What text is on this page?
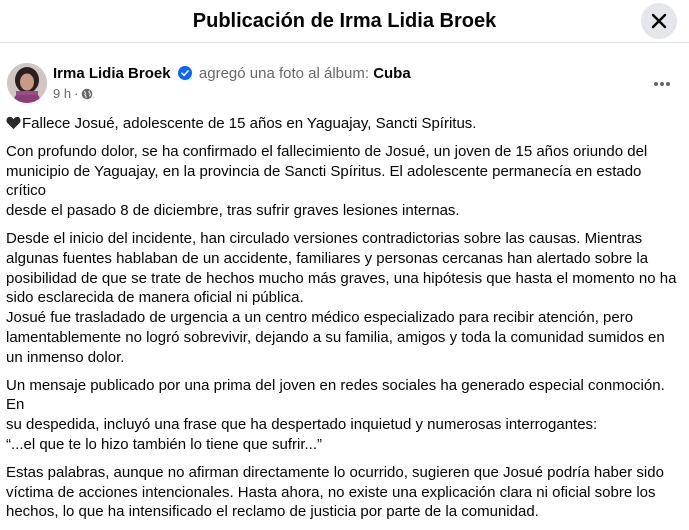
Publicación de Irma Lidia Broek
Irma Lidia Broek agregó una foto al álbum: Cuba
9 h ·

Fallece Josué, adolescente de 15 años en Yaguajay, Sancti Spíritus.

Con profundo dolor, se ha confirmado el fallecimiento de Josué, un joven de 15 años oriundo del
municipio de Yaguajay, en la provincia de Sancti Spíritus. El adolescente permanecía en estado crítico
desde el pasado 8 de diciembre, tras sufrir graves lesiones internas.

Desde el inicio del incidente, han circulado versiones contradictorias sobre las causas. Mientras
algunas fuentes hablaban de un accidente, familiares y personas cercanas han alertado sobre la
posibilidad de que se trate de hechos mucho más graves, una hipótesis que hasta el momento no ha
sido esclarecida de manera oficial ni pública.
Josué fue trasladado de urgencia a un centro médico especializado para recibir atención, pero
lamentablemente no logró sobrevivir, dejando a su familia, amigos y toda la comunidad sumidos en
un inmenso dolor.

Un mensaje publicado por una prima del joven en redes sociales ha generado especial conmoción. En
su despedida, incluyó una frase que ha despertado inquietud y numerosas interrogantes:
“...el que te lo hizo también lo tiene que sufrir...”

Estas palabras, aunque no afirman directamente lo ocurrido, sugieren que Josué podría haber sido
víctima de acciones intencionales. Hasta ahora, no existe una explicación clara ni oficial sobre los
hechos, lo que ha intensificado el reclamo de justicia por parte de la comunidad.
